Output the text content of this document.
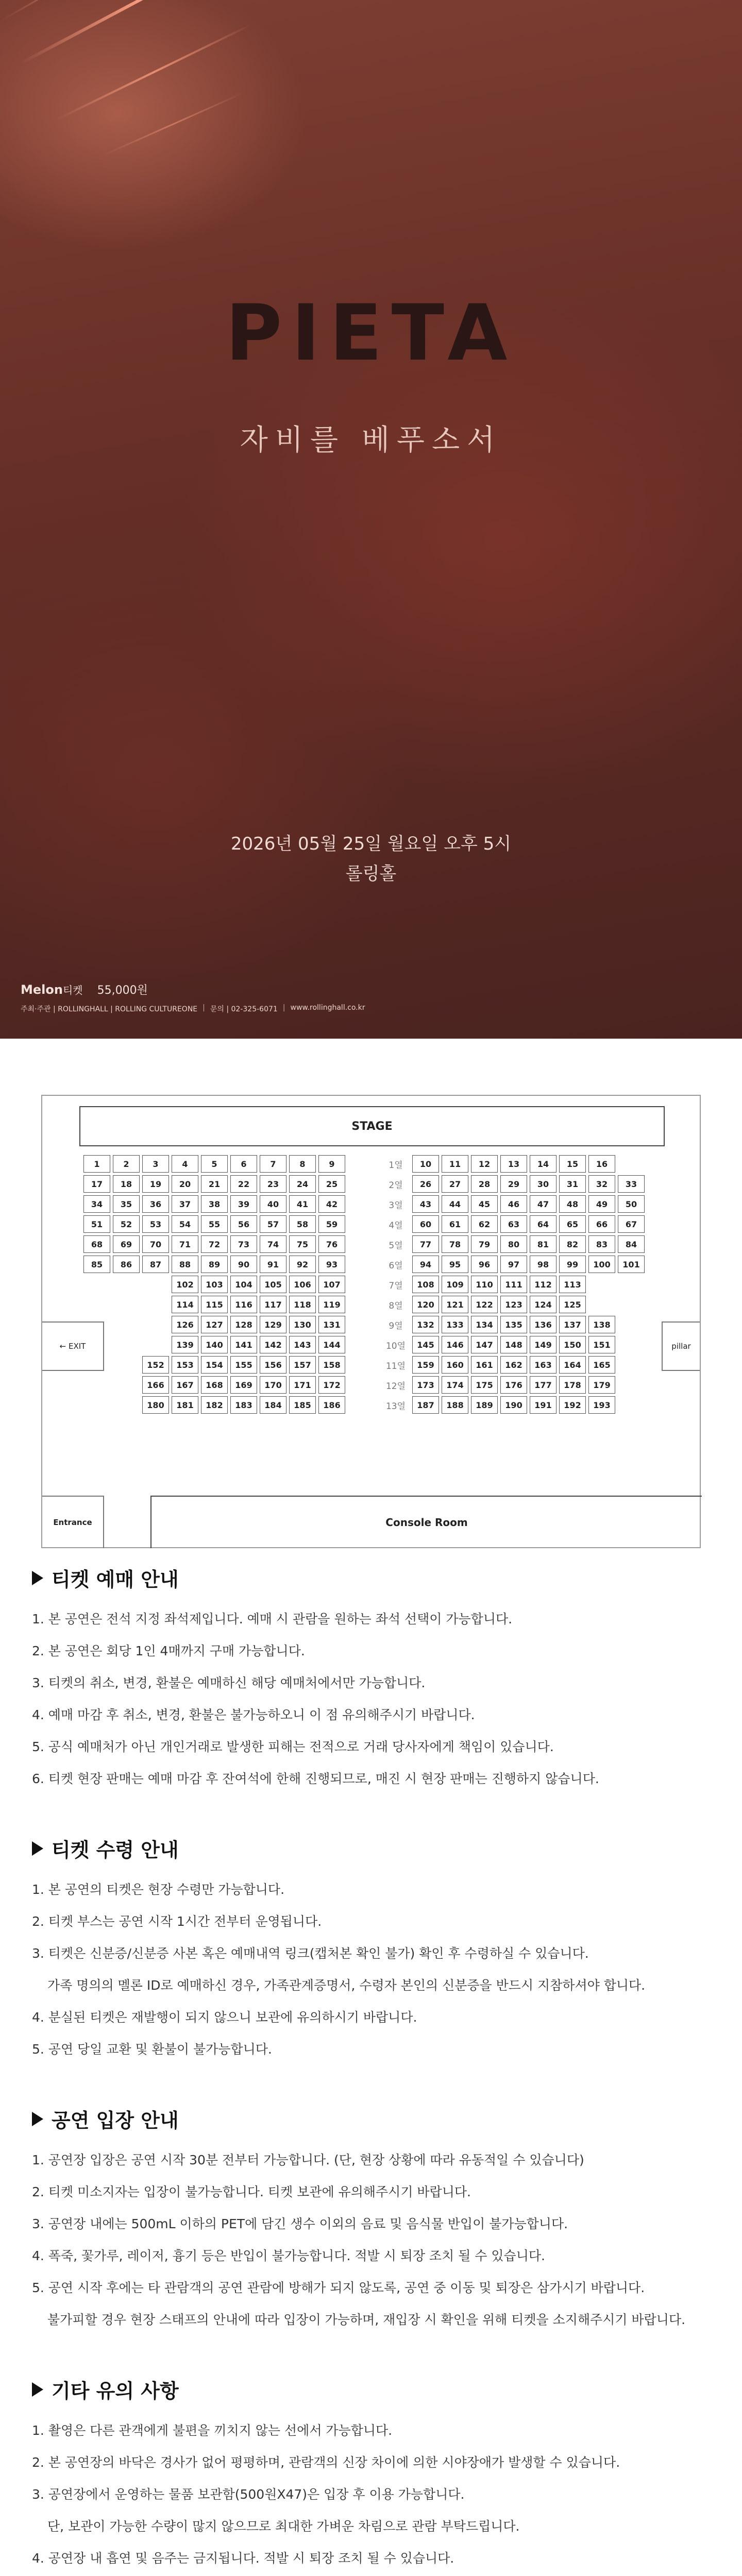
PIETA
자비를 베푸소서
2026년 05월 25일 월요일 오후 5시
롤링홀
Melon티켓 55,000원
주최·주관 | ROLLINGHALL | ROLLING CULTUREONE | 문의 | 02-325-6071 | www.rollinghall.co.kr
STAGE
1	2	3	4	5	6	7	8	9	1열	10	11	12	13	14	15	16
17	18	19	20	21	22	23	24	25	2열	26	27	28	29	30	31	32	33
34	35	36	37	38	39	40	41	42	3열	43	44	45	46	47	48	49	50
51	52	53	54	55	56	57	58	59	4열	60	61	62	63	64	65	66	67
68	69	70	71	72	73	74	75	76	5열	77	78	79	80	81	82	83	84
85	86	87	88	89	90	91	92	93	6열	94	95	96	97	98	99	100	101
102	103	104	105	106	107	7열	108	109	110	111	112	113
114	115	116	117	118	119	8열	120	121	122	123	124	125
126	127	128	129	130	131	9열	132	133	134	135	136	137	138
139	140	141	142	143	144	10열	145	146	147	148	149	150	151
152	153	154	155	156	157	158	11열	159	160	161	162	163	164	165
166	167	168	169	170	171	172	12열	173	174	175	176	177	178	179
180	181	182	183	184	185	186	13열	187	188	189	190	191	192	193
← EXIT	pillar
Entrance	Console Room
티켓 예매 안내
1. 본 공연은 전석 지정 좌석제입니다. 예매 시 관람을 원하는 좌석 선택이 가능합니다.
2. 본 공연은 회당 1인 4매까지 구매 가능합니다.
3. 티켓의 취소, 변경, 환불은 예매하신 해당 예매처에서만 가능합니다.
4. 예매 마감 후 취소, 변경, 환불은 불가능하오니 이 점 유의해주시기 바랍니다.
5. 공식 예매처가 아닌 개인거래로 발생한 피해는 전적으로 거래 당사자에게 책임이 있습니다.
6. 티켓 현장 판매는 예매 마감 후 잔여석에 한해 진행되므로, 매진 시 현장 판매는 진행하지 않습니다.
티켓 수령 안내
1. 본 공연의 티켓은 현장 수령만 가능합니다.
2. 티켓 부스는 공연 시작 1시간 전부터 운영됩니다.
3. 티켓은 신분증/신분증 사본 혹은 예매내역 링크(캡처본 확인 불가) 확인 후 수령하실 수 있습니다.
가족 명의의 멜론 ID로 예매하신 경우, 가족관계증명서, 수령자 본인의 신분증을 반드시 지참하셔야 합니다.
4. 분실된 티켓은 재발행이 되지 않으니 보관에 유의하시기 바랍니다.
5. 공연 당일 교환 및 환불이 불가능합니다.
공연 입장 안내
1. 공연장 입장은 공연 시작 30분 전부터 가능합니다. (단, 현장 상황에 따라 유동적일 수 있습니다)
2. 티켓 미소지자는 입장이 불가능합니다. 티켓 보관에 유의해주시기 바랍니다.
3. 공연장 내에는 500mL 이하의 PET에 담긴 생수 이외의 음료 및 음식물 반입이 불가능합니다.
4. 폭죽, 꽃가루, 레이저, 흉기 등은 반입이 불가능합니다. 적발 시 퇴장 조치 될 수 있습니다.
5. 공연 시작 후에는 타 관람객의 공연 관람에 방해가 되지 않도록, 공연 중 이동 및 퇴장은 삼가시기 바랍니다.
불가피할 경우 현장 스태프의 안내에 따라 입장이 가능하며, 재입장 시 확인을 위해 티켓을 소지해주시기 바랍니다.
기타 유의 사항
1. 촬영은 다른 관객에게 불편을 끼치지 않는 선에서 가능합니다.
2. 본 공연장의 바닥은 경사가 없어 평평하며, 관람객의 신장 차이에 의한 시야장애가 발생할 수 있습니다.
3. 공연장에서 운영하는 물품 보관함(500원X47)은 입장 후 이용 가능합니다.
단, 보관이 가능한 수량이 많지 않으므로 최대한 가벼운 차림으로 관람 부탁드립니다.
4. 공연장 내 흡연 및 음주는 금지됩니다. 적발 시 퇴장 조치 될 수 있습니다.
